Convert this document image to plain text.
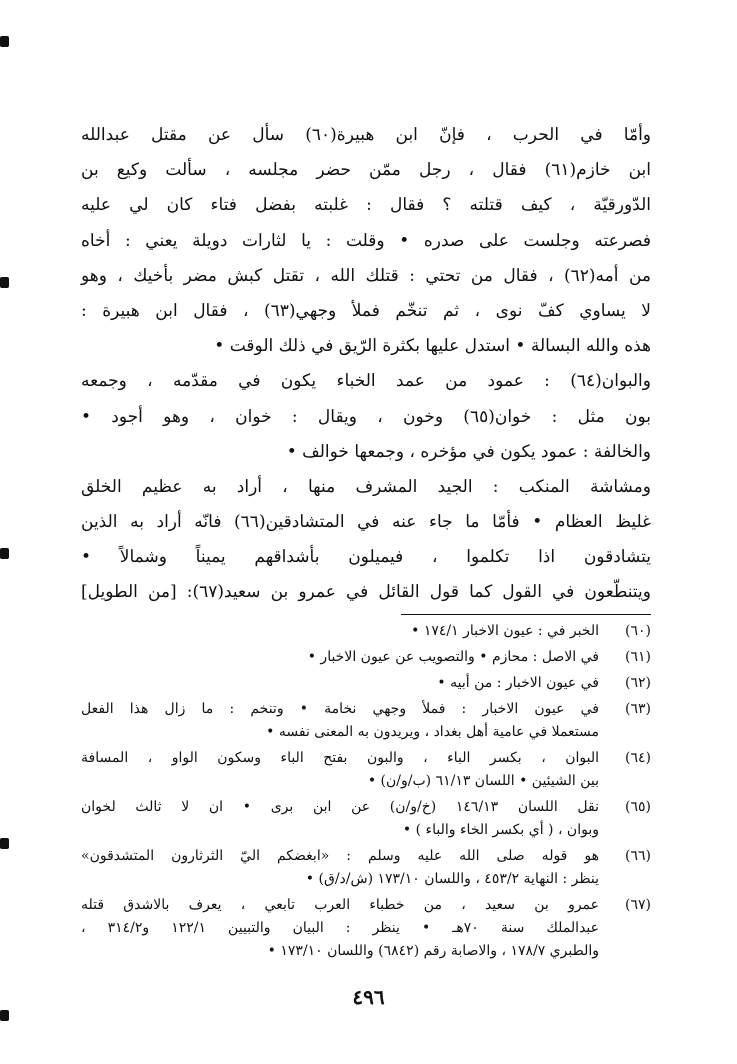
وأمّا في الحرب ، فإنّ ابن هبيرة(٦٠) سأل عن مقتل عبدالله
ابن خازم(٦١) فقال ، رجل ممّن حضر مجلسه ، سألت وكيع بن
الدّورقيّة ، كيف قتلته ؟ فقال : غلبته بفضل فتاء كان لي عليه
فصرعته وجلست على صدره • وقلت : يا لثارات دويلة يعني : أخاه
من أمه(٦٢) ، فقال من تحتي : قتلك الله ، تقتل كبش مضر بأخيك ، وهو
لا يساوي كفّ نوى ، ثم تنخّم فملأ وجهي(٦٣) ، فقال ابن هبيرة :
هذه والله البسالة • استدل عليها بكثرة الرّيق في ذلك الوقت •
والبوان(٦٤) : عمود من عمد الخباء يكون في مقدّمه ، وجمعه
بون مثل : خوان(٦٥) وخون ، ويقال : خوان ، وهو أجود •
والخالفة : عمود يكون في مؤخره ، وجمعها خوالف •
ومشاشة المنكب : الجيد المشرف منها ، أراد به عظيم الخلق
غليظ العظام • فأمّا ما جاء عنه في المتشادقين(٦٦) فانّه أراد به الذين
يتشادقون اذا تكلموا ، فيميلون بأشداقهم يميناً وشمالاً •
ويتنطّعون في القول كما قول القائل في عمرو بن سعيد(٦٧): [من الطويل]
(٦٠)
الخبر في : عيون الاخبار ١٧٤/١ •
(٦١)
في الاصل : محازم • والتصويب عن عيون الاخبار •
(٦٢)
في عيون الاخبار : من أبيه •
(٦٣)
في عيون الاخبار : فملأ وجهي نخامة • وتنخم : ما زال هذا الفعل
مستعملا في عامية أهل بغداد ، ويريدون به المعنى نفسه •
(٦٤)
البوان ، بكسر الباء ، والبون بفتح الباء وسكون الواو ، المسافة
بين الشيئين • اللسان ٦١/١٣ (ب/و/ن) •
(٦٥)
نقل اللسان ١٤٦/١٣ (خ/و/ن) عن ابن برى • ان لا ثالث لخوان
وبوان ، ( أي بكسر الخاء والباء ) •
(٦٦)
هو قوله صلى الله عليه وسلم : «ابغضكم اليّ الثرثارون المتشدقون»
ينظر : النهاية ٤٥٣/٢ ، واللسان ١٧٣/١٠ (ش/د/ق) •
(٦٧)
عمرو بن سعيد ، من خطباء العرب تابعي ، يعرف بالاشدق قتله
عبدالملك سنة ٧٠هـ • ينظر : البيان والتبيين ١٢٢/١ و٣١٤/٢ ،
والطبري ١٧٨/٧ ، والاصابة رقم (٦٨٤٢) واللسان ١٧٣/١٠ •
٤٩٦
